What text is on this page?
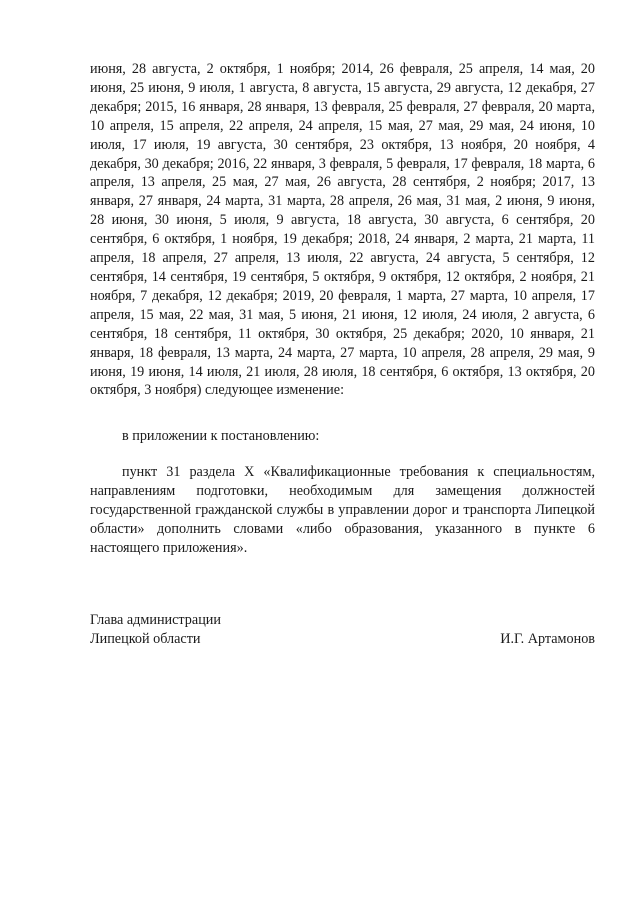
июня, 28 августа, 2 октября, 1 ноября; 2014, 26 февраля, 25 апреля, 14 мая, 20 июня, 25 июня, 9 июля, 1 августа, 8 августа, 15 августа, 29 августа, 12 декабря, 27 декабря; 2015, 16 января, 28 января, 13 февраля, 25 февраля, 27 февраля, 20 марта, 10 апреля, 15 апреля, 22 апреля, 24 апреля, 15 мая, 27 мая, 29 мая, 24 июня, 10 июля, 17 июля, 19 августа, 30 сентября, 23 октября, 13 ноября, 20 ноября, 4 декабря, 30 декабря; 2016, 22 января, 3 февраля, 5 февраля, 17 февраля, 18 марта, 6 апреля, 13 апреля, 25 мая, 27 мая, 26 августа, 28 сентября, 2 ноября; 2017, 13 января, 27 января, 24 марта, 31 марта, 28 апреля, 26 мая, 31 мая, 2 июня, 9 июня, 28 июня, 30 июня, 5 июля, 9 августа, 18 августа, 30 августа, 6 сентября, 20 сентября, 6 октября, 1 ноября, 19 декабря; 2018, 24 января, 2 марта, 21 марта, 11 апреля, 18 апреля, 27 апреля, 13 июля, 22 августа, 24 августа, 5 сентября, 12 сентября, 14 сентября, 19 сентября, 5 октября, 9 октября, 12 октября, 2 ноября, 21 ноября, 7 декабря, 12 декабря; 2019, 20 февраля, 1 марта, 27 марта, 10 апреля, 17 апреля, 15 мая, 22 мая, 31 мая, 5 июня, 21 июня, 12 июля, 24 июля, 2 августа, 6 сентября, 18 сентября, 11 октября, 30 октября, 25 декабря; 2020, 10 января, 21 января, 18 февраля, 13 марта, 24 марта, 27 марта, 10 апреля, 28 апреля, 29 мая, 9 июня, 19 июня, 14 июля, 21 июля, 28 июля, 18 сентября, 6 октября, 13 октября, 20 октября, 3 ноября) следующее изменение:

в приложении к постановлению:

пункт 31 раздела X «Квалификационные требования к специальностям, направлениям подготовки, необходимым для замещения должностей государственной гражданской службы в управлении дорог и транспорта Липецкой области» дополнить словами «либо образования, указанного в пункте 6 настоящего приложения».

Глава администрации

Липецкой области	И.Г. Артамонов
